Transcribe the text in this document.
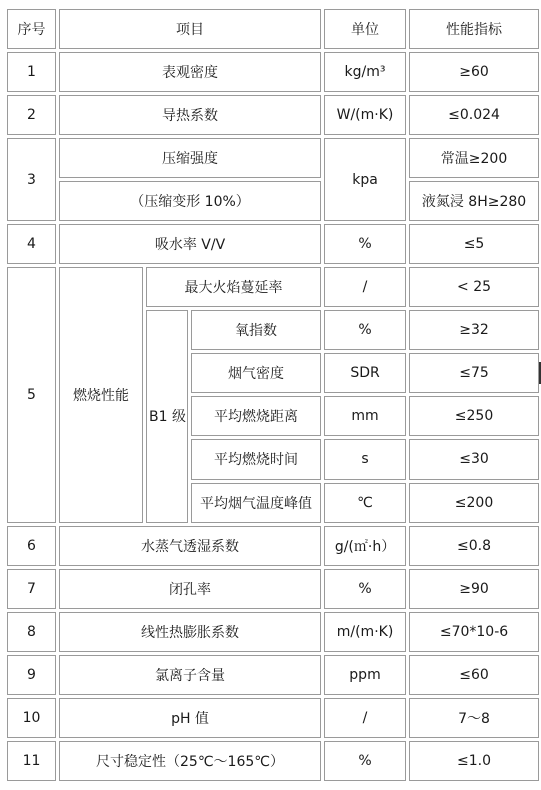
序号	项目			单位	性能指标
1	表观密度			kg/m³	≥60
2	导热系数			W/(m·K)	≤0.024
3	压缩强度			kpa	常温≥200
	（压缩变形 10%）				液氮浸 8H≥280
4	吸水率 V/V			%	≤5
5	燃烧性能	最大火焰蔓延率		/	< 25
		B1 级	氧指数	%	≥32
			烟气密度	SDR	≤75
			平均燃烧距离	mm	≤250
			平均燃烧时间	s	≤30
			平均烟气温度峰值	℃	≤200
6	水蒸气透湿系数			g/(㎡·h）	≤0.8
7	闭孔率			%	≥90
8	线性热膨胀系数			m/(m·K)	≤70*10-6
9	氯离子含量			ppm	≤60
10	pH 值			/	7～8
11	尺寸稳定性（25℃～165℃）			%	≤1.0
